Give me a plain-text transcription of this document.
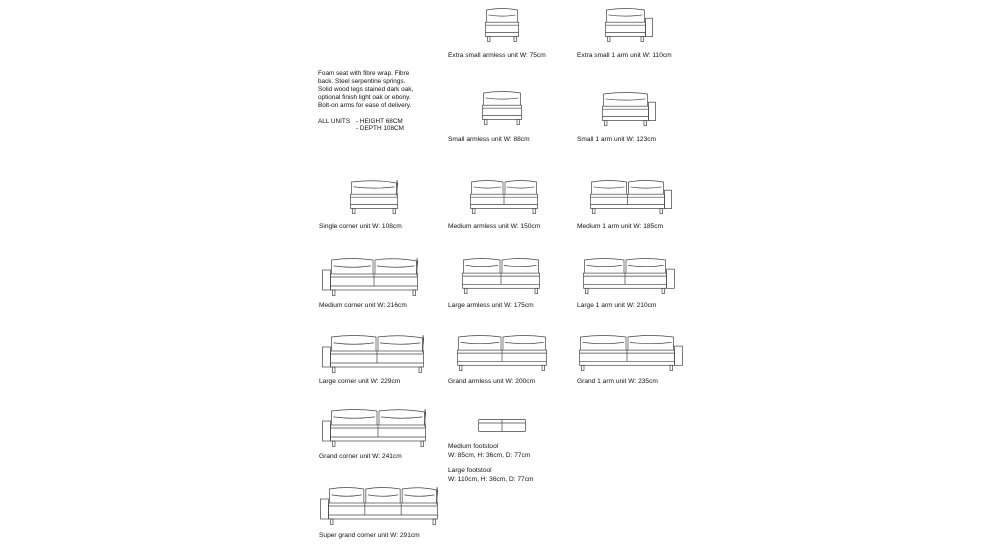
Foam seat with fibre wrap. Fibre
back. Steel serpentine springs.
Solid wood legs stained dark oak,
optional finish light oak or ebony.
Bolt-on arms for ease of delivery.
ALL UNITS - HEIGHT 68CM
- DEPTH 108CM
Extra small armless unit W: 75cm	Extra small 1 arm unit W: 110cm
Small armless unit W: 88cm	Small 1 arm unit W: 123cm
Single corner unit W: 108cm	Medium armless unit W: 150cm	Medium 1 arm unit W: 185cm
Medium corner unit W: 216cm	Large armless unit W: 175cm	Large 1 arm unit W: 210cm
Large corner unit W: 229cm	Grand armless unit W: 200cm	Grand 1 arm unit W: 235cm
Grand corner unit W: 241cm
Super grand corner unit W: 291cm
Medium footstool
W: 85cm, H: 36cm, D: 77cm
Large footstool
W: 110cm, H: 36cm, D: 77cm
